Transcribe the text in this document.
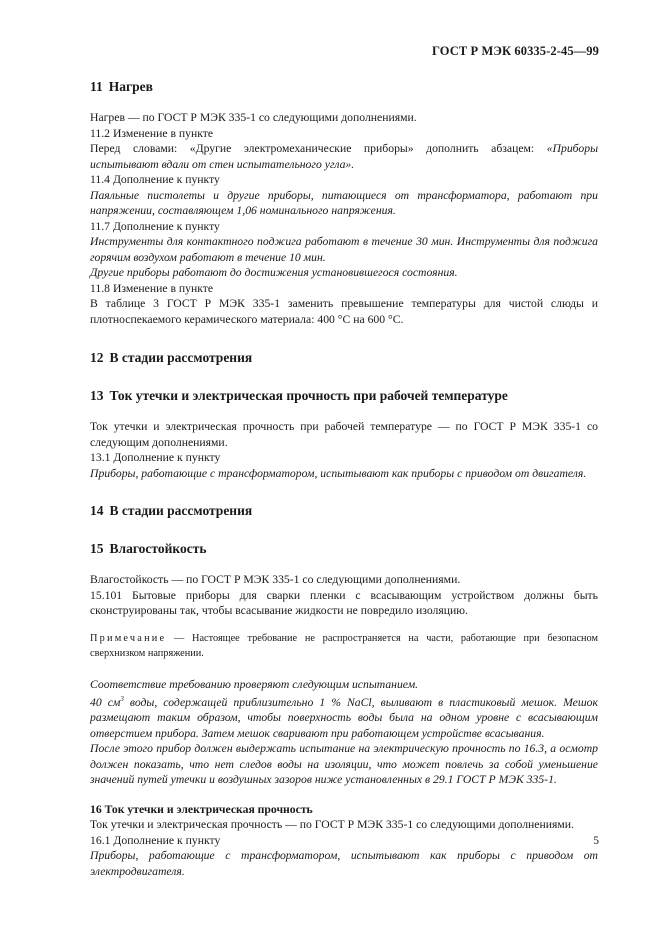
ГОСТ Р МЭК 60335-2-45—99
11 Нагрев

Нагрев — по ГОСТ Р МЭК 335-1 со следующими дополнениями.

11.2 Изменение в пункте

Перед словами: «Другие электромеханические приборы» дополнить абзацем: «Приборы испытывают вдали от стен испытательного угла».

11.4 Дополнение к пункту

Паяльные пистолеты и другие приборы, питающиеся от трансформатора, работают при напряжении, составляющем 1,06 номинального напряжения.

11.7 Дополнение к пункту

Инструменты для контактного поджига работают в течение 30 мин. Инструменты для поджига горячим воздухом работают в течение 10 мин.

Другие приборы работают до достижения установившегося состояния.

11.8 Изменение в пункте

В таблице 3 ГОСТ Р МЭК 335-1 заменить превышение температуры для чистой слюды и плотноспекаемого керамического материала: 400 °С на 600 °С.

12 В стадии рассмотрения
13 Ток утечки и электрическая прочность при рабочей температуре

Ток утечки и электрическая прочность при рабочей температуре — по ГОСТ Р МЭК 335-1 со следующим дополнениями.

13.1 Дополнение к пункту

Приборы, работающие с трансформатором, испытывают как приборы с приводом от двигателя.

14 В стадии рассмотрения
15 Влагостойкость

Влагостойкость — по ГОСТ Р МЭК 335-1 со следующими дополнениями.

15.101 Бытовые приборы для сварки пленки с всасывающим устройством должны быть сконструированы так, чтобы всасывание жидкости не повредило изоляцию.

Примечание — Настоящее требование не распространяется на части, работающие при безопасном сверхнизком напряжении.

Соответствие требованию проверяют следующим испытанием.

40 $см^3$ воды, содержащей приблизительно 1 % NaCl, выливают в пластиковый мешок. Мешок размещают таким образом, чтобы поверхность воды была на одном уровне с всасывающим отверстием прибора. Затем мешок сваривают при работающем устройстве всасывания.

После этого прибор должен выдержать испытание на электрическую прочность по 16.3, а осмотр должен показать, что нет следов воды на изоляции, что может повлечь за собой уменьшение значений путей утечки и воздушных зазоров ниже установленных в 29.1 ГОСТ Р МЭК 335-1.

16 Ток утечки и электрическая прочность

Ток утечки и электрическая прочность — по ГОСТ Р МЭК 335-1 со следующими дополнениями.

16.1 Дополнение к пункту

Приборы, работающие с трансформатором, испытывают как приборы с приводом от электродвигателя.

5
